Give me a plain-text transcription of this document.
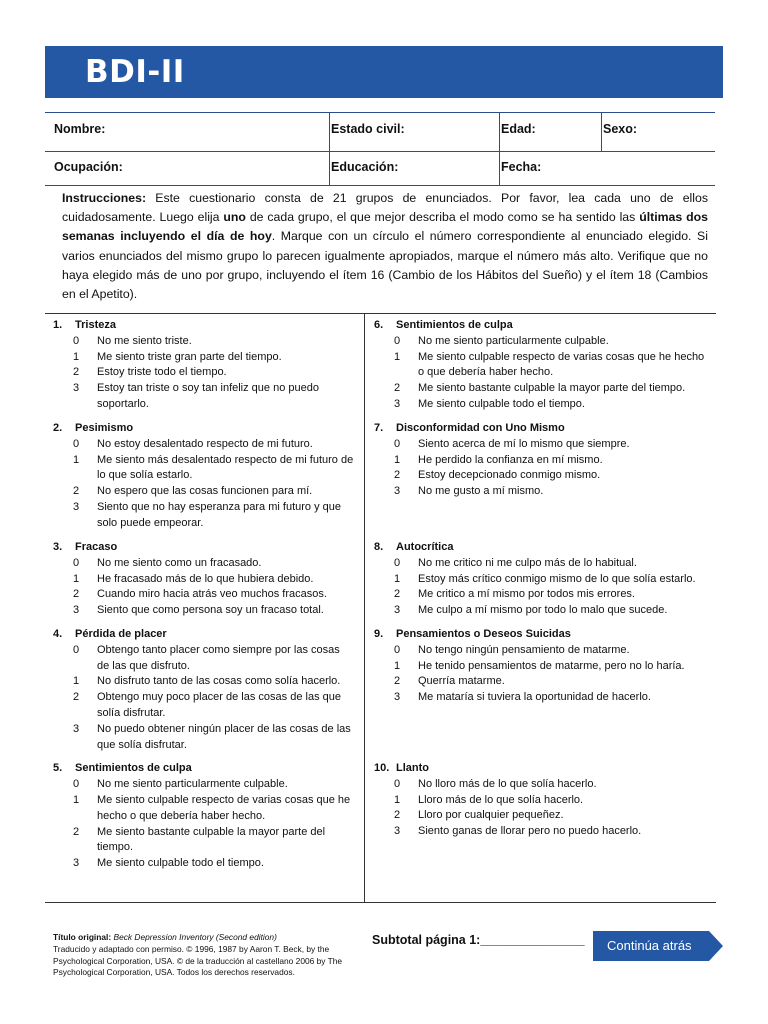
BDI-II
Nombre:	Estado civil:	Edad:	Sexo:
Ocupación:	Educación:	Fecha:
Instrucciones: Este cuestionario consta de 21 grupos de enunciados. Por favor, lea cada uno de ellos cuidadosamente. Luego elija uno de cada grupo, el que mejor describa el modo como se ha sentido las últimas dos semanas incluyendo el día de hoy. Marque con un círculo el número correspondiente al enunciado elegido. Si varios enunciados del mismo grupo lo parecen igualmente apropiados, marque el número más alto. Verifique que no haya elegido más de uno por grupo, incluyendo el ítem 16 (Cambio de los Hábitos del Sueño) y el ítem 18 (Cambios en el Apetito).
1.	Tristeza
0	No me siento triste.
1	Me siento triste gran parte del tiempo.
2	Estoy triste todo el tiempo.
3	Estoy tan triste o soy tan infeliz que no puedo soportarlo.
2.	Pesimismo
0	No estoy desalentado respecto de mi futuro.
1	Me siento más desalentado respecto de mi futuro de lo que solía estarlo.
2	No espero que las cosas funcionen para mí.
3	Siento que no hay esperanza para mi futuro y que solo puede empeorar.
3.	Fracaso
0	No me siento como un fracasado.
1	He fracasado más de lo que hubiera debido.
2	Cuando miro hacia atrás veo muchos fracasos.
3	Siento que como persona soy un fracaso total.
4.	Pérdida de placer
0	Obtengo tanto placer como siempre por las cosas de las que disfruto.
1	No disfruto tanto de las cosas como solía hacerlo.
2	Obtengo muy poco placer de las cosas de las que solía disfrutar.
3	No puedo obtener ningún placer de las cosas de las que solía disfrutar.
5.	Sentimientos de culpa
0	No me siento particularmente culpable.
1	Me siento culpable respecto de varias cosas que he hecho o que debería haber hecho.
2	Me siento bastante culpable la mayor parte del tiempo.
3	Me siento culpable todo el tiempo.
6.	Sentimientos de culpa
0	No me siento particularmente culpable.
1	Me siento culpable respecto de varias cosas que he hecho o que debería haber hecho.
2	Me siento bastante culpable la mayor parte del tiempo.
3	Me siento culpable todo el tiempo.
7.	Disconformidad con Uno Mismo
0	Siento acerca de mí lo mismo que siempre.
1	He perdido la confianza en mí mismo.
2	Estoy decepcionado conmigo mismo.
3	No me gusto a mí mismo.
8.	Autocrítica
0	No me critico ni me culpo más de lo habitual.
1	Estoy más crítico conmigo mismo de lo que solía estarlo.
2	Me critico a mí mismo por todos mis errores.
3	Me culpo a mí mismo por todo lo malo que sucede.
9.	Pensamientos o Deseos Suicidas
0	No tengo ningún pensamiento de matarme.
1	He tenido pensamientos de matarme, pero no lo haría.
2	Querría matarme.
3	Me mataría si tuviera la oportunidad de hacerlo.
10. Llanto
0	No lloro más de lo que solía hacerlo.
1	Lloro más de lo que solía hacerlo.
2	Lloro por cualquier pequeñez.
3	Siento ganas de llorar pero no puedo hacerlo.
Título original: Beck Depression Inventory (Second edition)
Traducido y adaptado con permiso. © 1996, 1987 by Aaron T. Beck, by the Psychological Corporation, USA. © de la traducción al castellano 2006 by The Psychological Corporation, USA. Todos los derechos reservados.
Subtotal página 1:_______________ Continúa atrás
